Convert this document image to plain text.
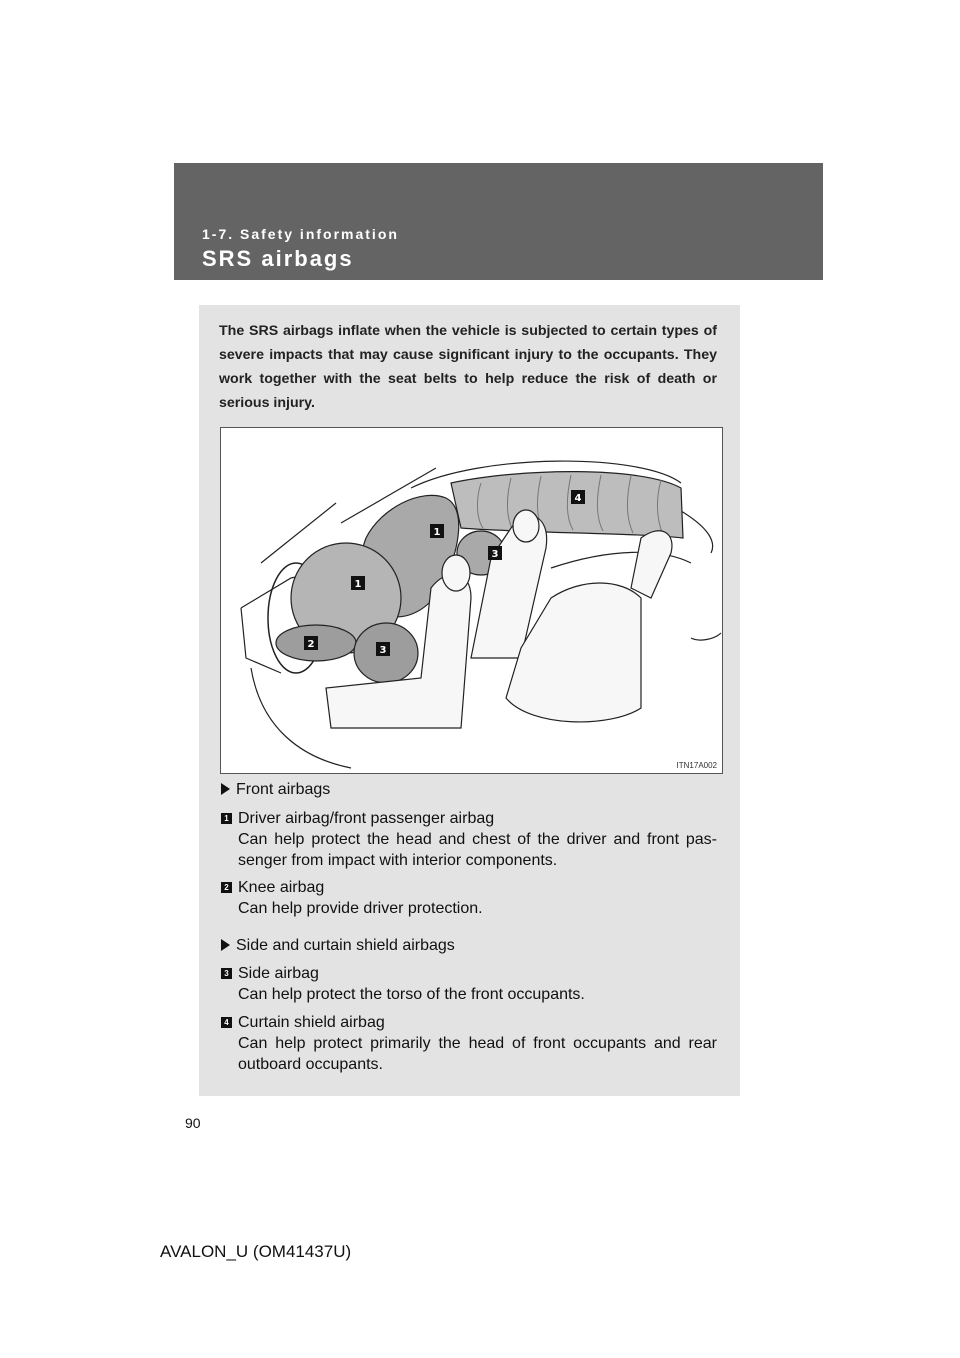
1-7. Safety information
SRS airbags
The SRS airbags inflate when the vehicle is subjected to certain types of severe impacts that may cause significant injury to the occupants. They work together with the seat belts to help reduce the risk of death or serious injury.
1
1
2
3
3
4
ITN17A002
Front airbags
1 Driver airbag/front passenger airbag
Can help protect the head and chest of the driver and front pas-senger from impact with interior components.
2 Knee airbag
Can help provide driver protection.
Side and curtain shield airbags
3 Side airbag
Can help protect the torso of the front occupants.
4 Curtain shield airbag
Can help protect primarily the head of front occupants and rear outboard occupants.
90
AVALON_U (OM41437U)
